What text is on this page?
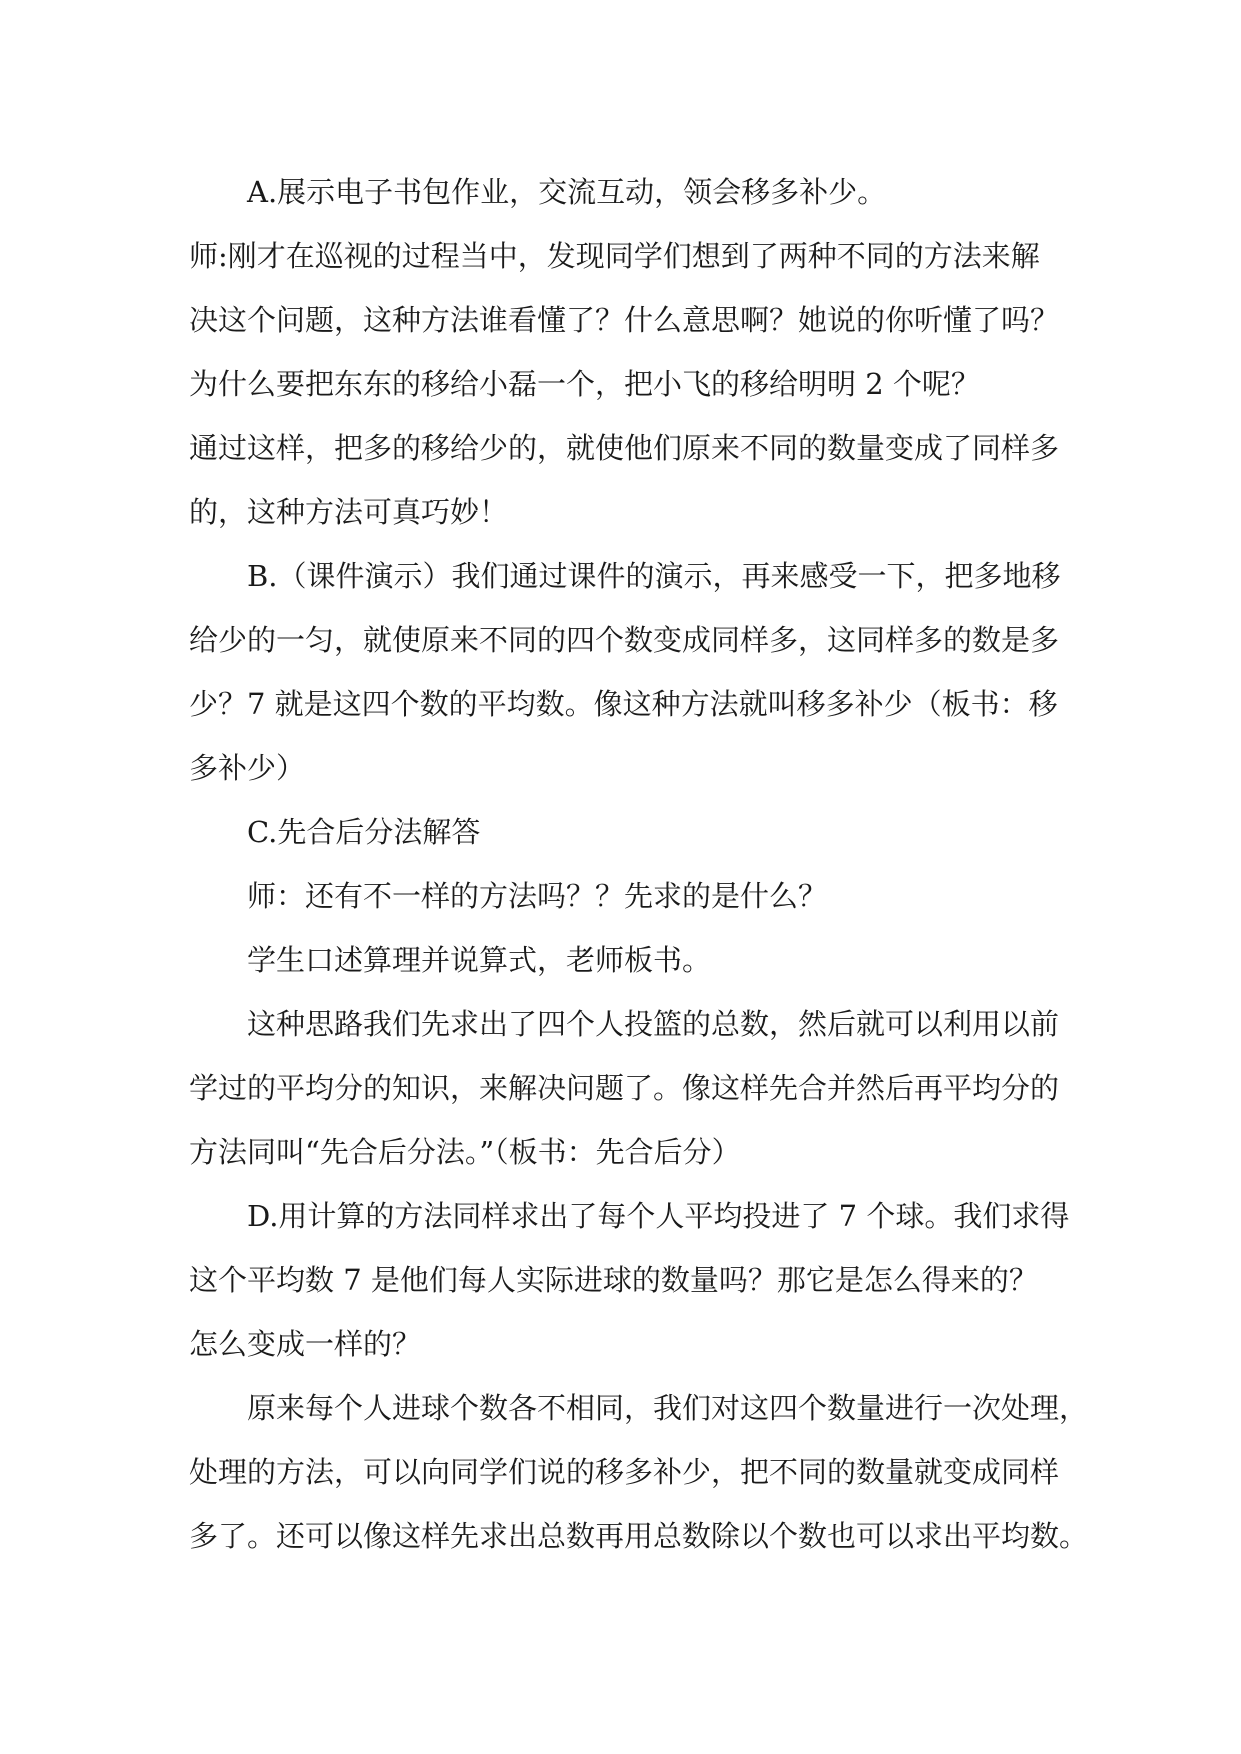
A.展示电子书包作业，交流互动，领会移多补少。

师:刚才在巡视的过程当中，发现同学们想到了两种不同的方法来解
决这个问题，这种方法谁看懂了？什么意思啊？她说的你听懂了吗？
为什么要把东东的移给小磊一个，把小飞的移给明明 2 个呢？

通过这样，把多的移给少的，就使他们原来不同的数量变成了同样多
的，这种方法可真巧妙！

B.（课件演示）我们通过课件的演示，再来感受一下，把多地移
给少的一匀，就使原来不同的四个数变成同样多，这同样多的数是多
少？7 就是这四个数的平均数。像这种方法就叫移多补少（板书：移
多补少）

C.先合后分法解答

师：还有不一样的方法吗？？先求的是什么？

学生口述算理并说算式，老师板书。

这种思路我们先求出了四个人投篮的总数，然后就可以利用以前
学过的平均分的知识，来解决问题了。像这样先合并然后再平均分的
方法同叫“先合后分法。”（板书：先合后分）

D.用计算的方法同样求出了每个人平均投进了 7 个球。我们求得
这个平均数 7 是他们每人实际进球的数量吗？那它是怎么得来的？
怎么变成一样的？

原来每个人进球个数各不相同，我们对这四个数量进行一次处理，
处理的方法，可以向同学们说的移多补少，把不同的数量就变成同样
多了。还可以像这样先求出总数再用总数除以个数也可以求出平均数。
